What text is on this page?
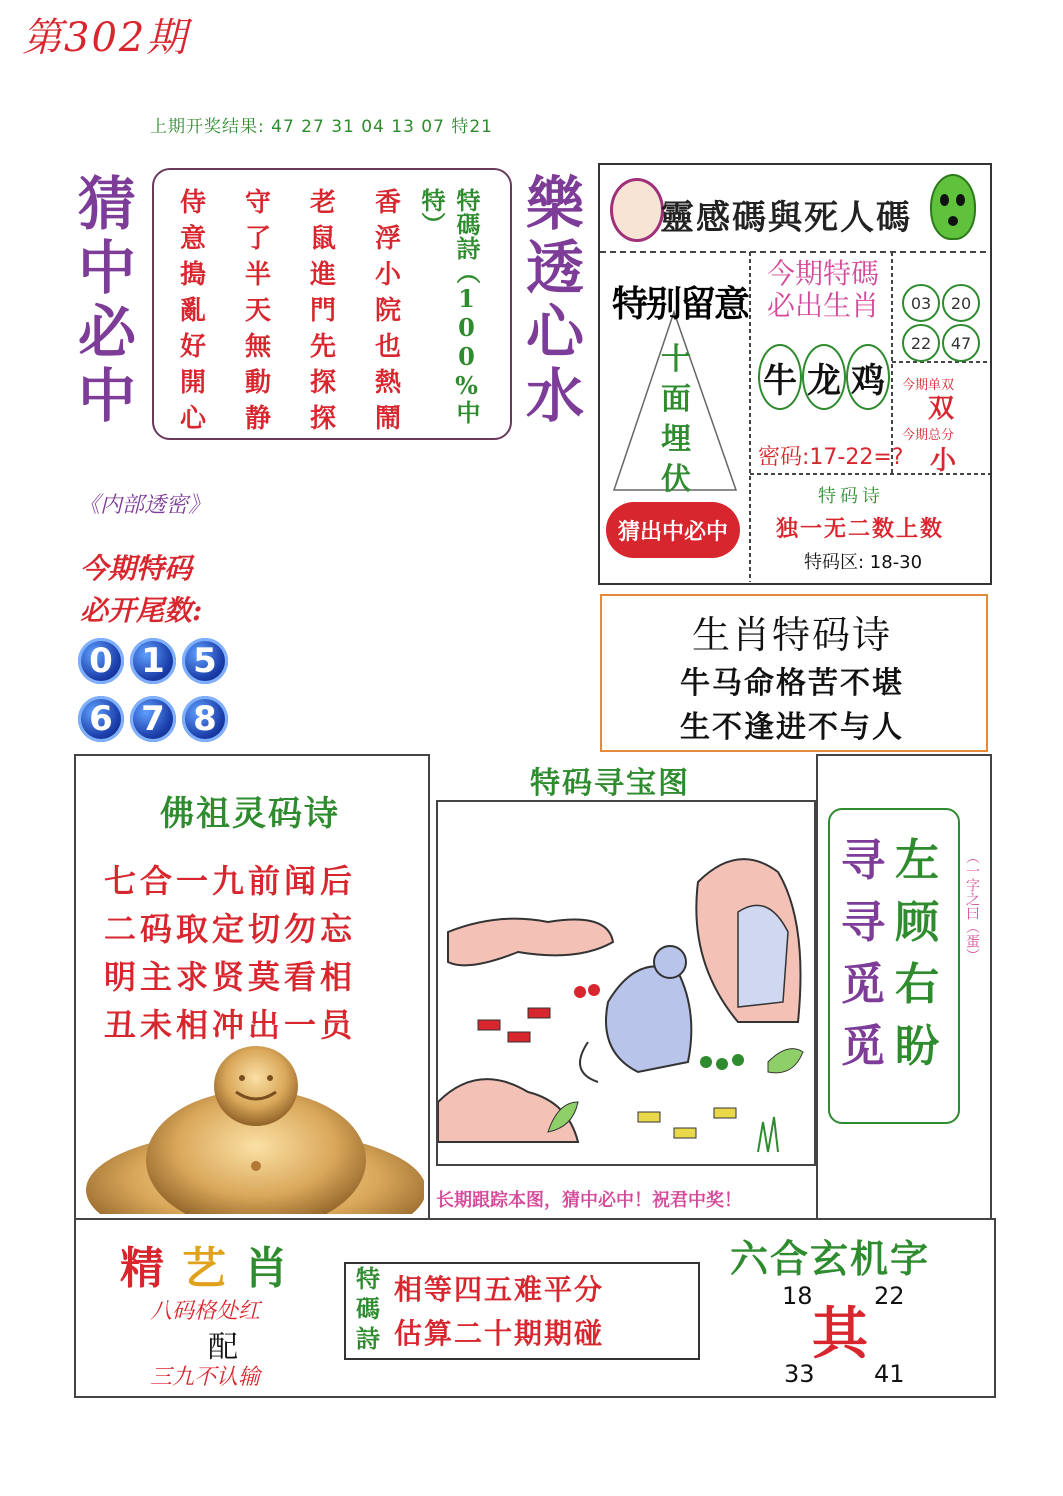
第302期
上期开奖结果: 47 27 31 04 13 07 特21
猜
中
必
中
侍	守	老	香
意	了	鼠	浮
搗	半	進	小
亂	天	門	院
好	無	先	也
開	動	探	熱
心	静	探	鬧	特碼詩（100%中特）	樂
透
心
水
《内部透密》
今期特码
必开尾数:
0 1 5
6 7 8
靈感碼與死人碼
特别留意
十
面
埋
伏
猜出中必中
今期特碼
必出生肖
牛 龙 鸡
密码:17-22=?
03	20
22	47
今期单双
双
今期总分
小
特码诗
独一无二数上数
特码区: 18-30
生肖特码诗
牛马命格苦不堪
生不逢进不与人
佛祖灵码诗
七合一九前闻后
二码取定切勿忘
明主求贤莫看相
丑未相冲出一员
特码寻宝图
长期跟踪本图，猜中必中！祝君中奖！
寻
寻
觅
觅
左
顾
右
盼
（一字之曰（蛋）
精艺肖
八码格处红
配
三九不认输
特
碼
詩
相等四五难平分
估算二十期期碰
六合玄机字
18	22
33 41
其
